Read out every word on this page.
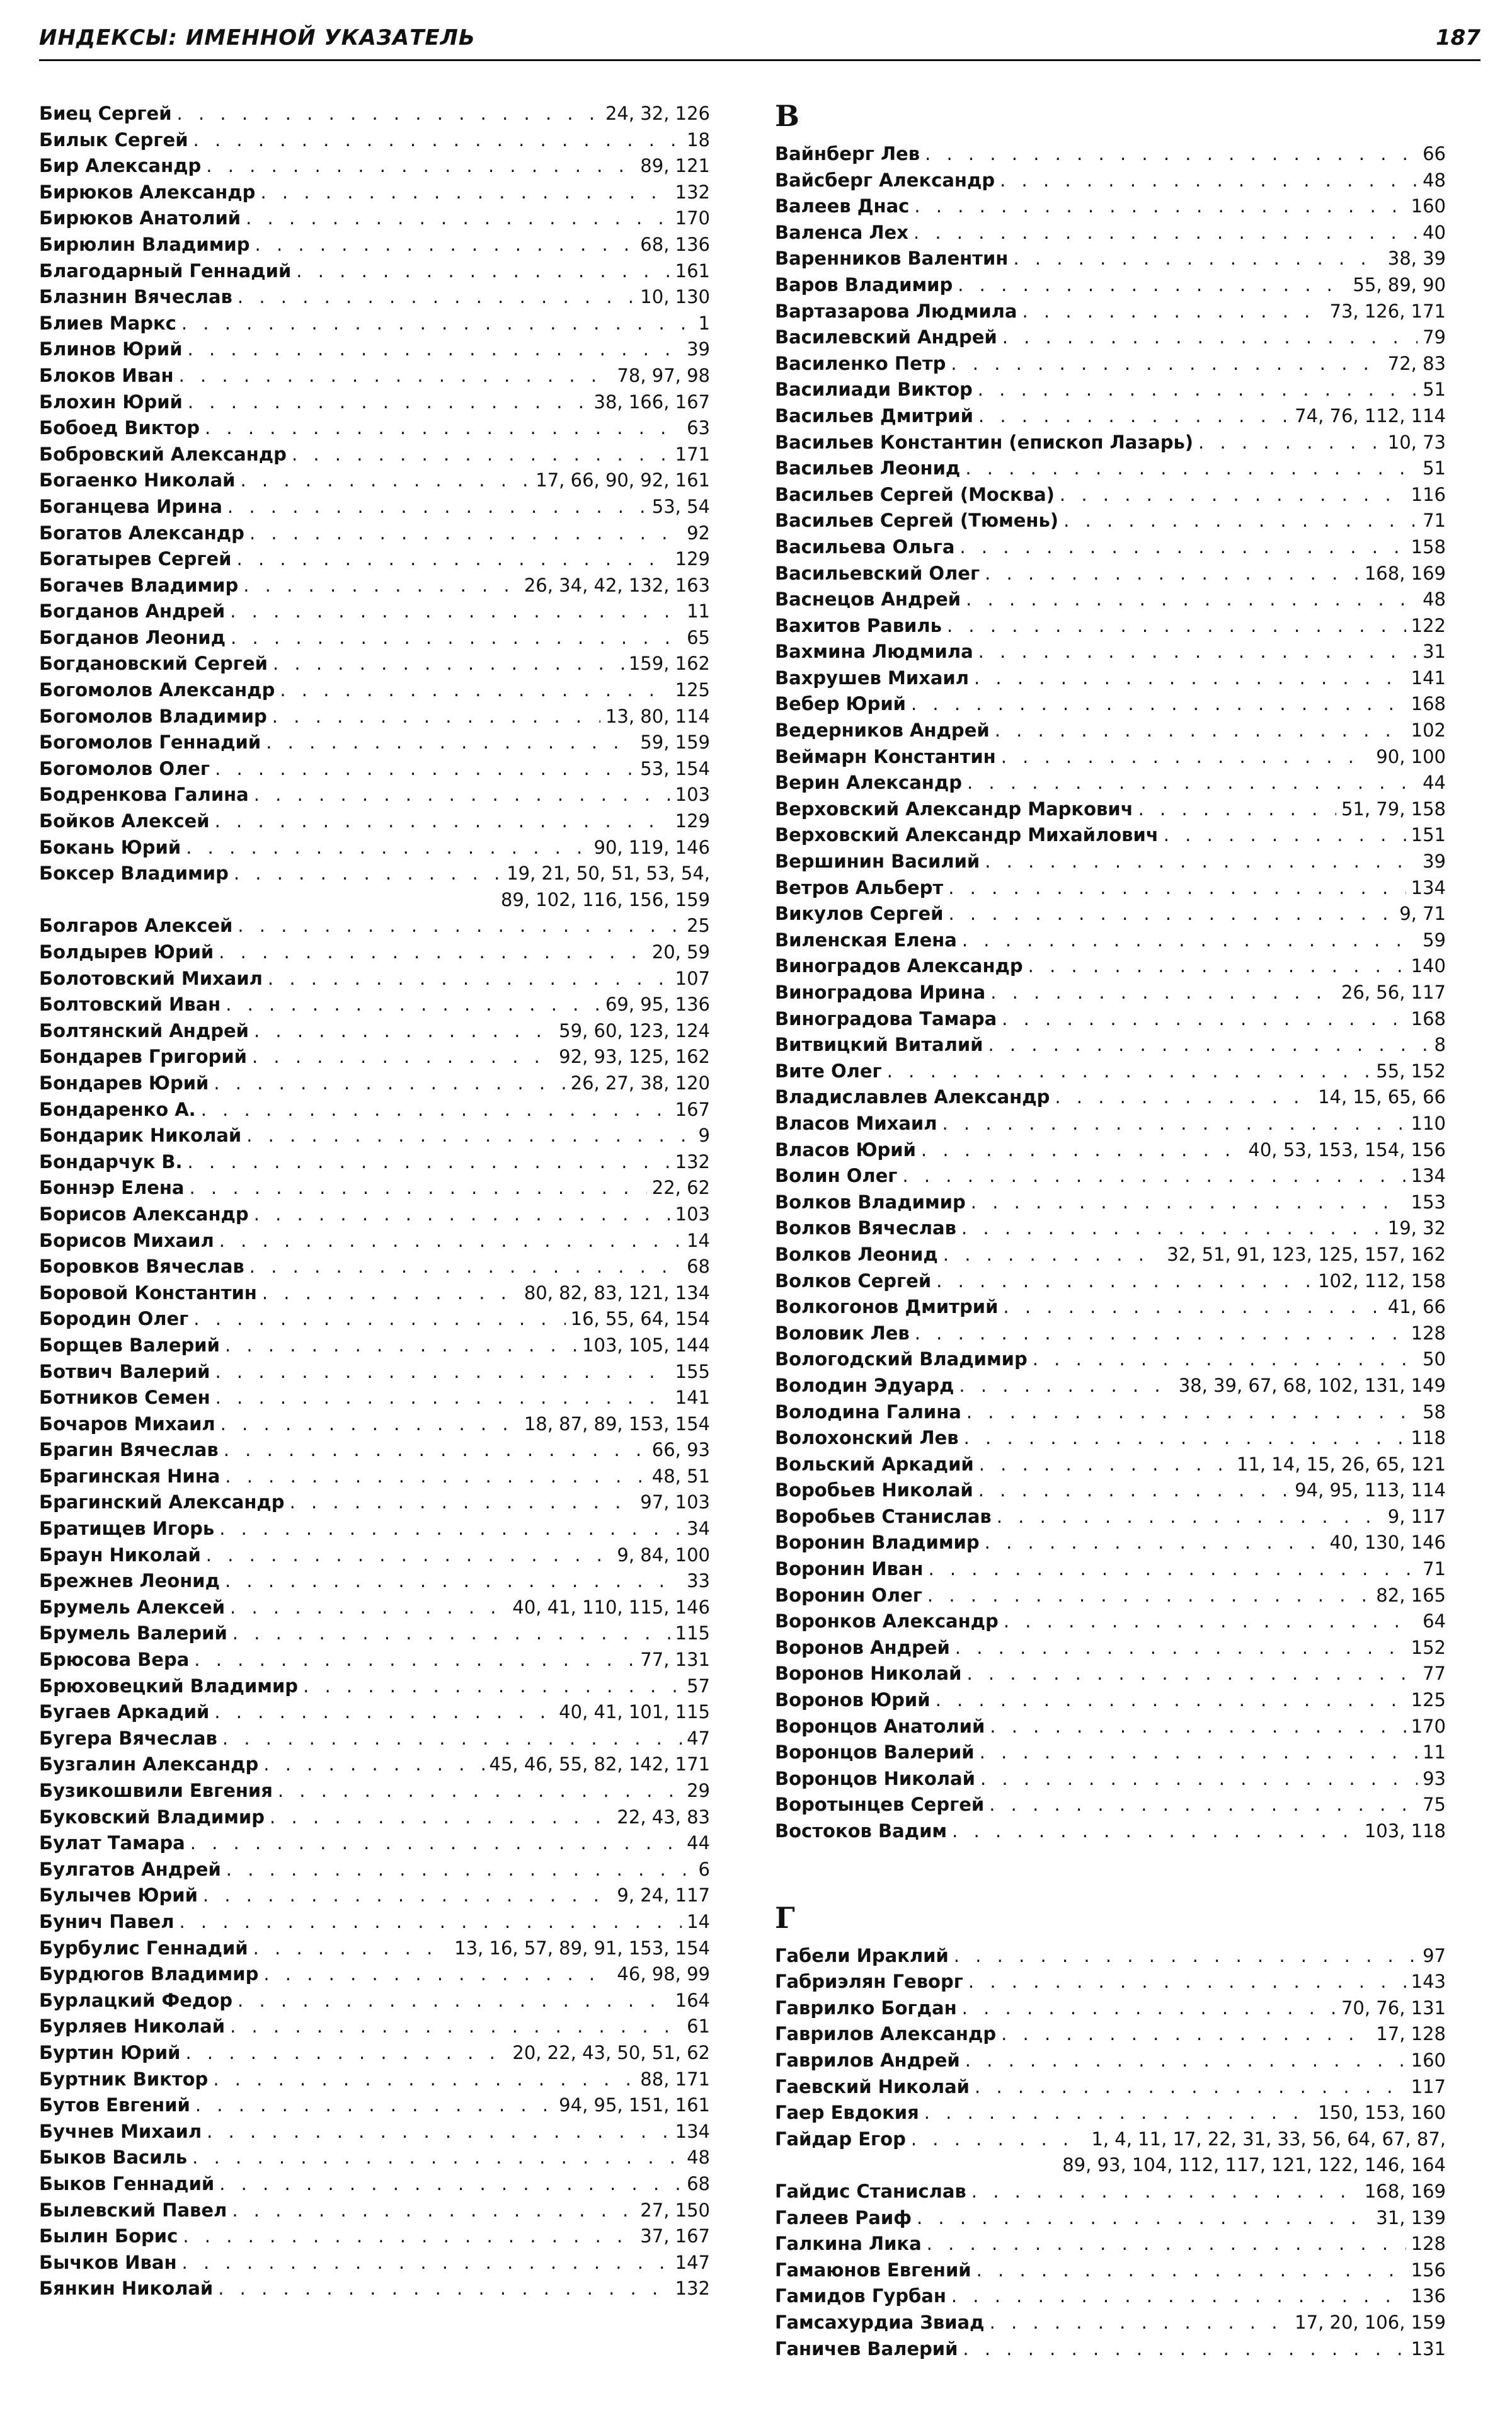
ИНДЕКСЫ: ИМЕННОЙ УКАЗАТЕЛЬ	187
Биец Сергей . . .	24, 32, 126
Билык Сергей . . .	18
Бир Александр . . .	89, 121
Бирюков Александр . . .	132
Бирюков Анатолий . . .	170
Бирюлин Владимир . . .	68, 136
Благодарный Геннадий . . .	161
Блазнин Вячеслав . . .	10, 130
Блиев Маркс . . .	1
Блинов Юрий . . .	39
Блоков Иван . . .	78, 97, 98
Блохин Юрий . . .	38, 166, 167
Бобоед Виктор . . .	63
Бобровский Александр . . .	171
Богаенко Николай . . .	17, 66, 90, 92, 161
Боганцева Ирина . . .	53, 54
Богатов Александр . . .	92
Богатырев Сергей . . .	129
Богачев Владимир . . .	26, 34, 42, 132, 163
Богданов Андрей . . .	11
Богданов Леонид . . .	65
Богдановский Сергей . . .	159, 162
Богомолов Александр . . .	125
Богомолов Владимир . . .	13, 80, 114
Богомолов Геннадий . . .	59, 159
Богомолов Олег . . .	53, 154
Бодренкова Галина . . .	103
Бойков Алексей . . .	129
Бокань Юрий . . .	90, 119, 146
Боксер Владимир . . .	19, 21, 50, 51, 53, 54,
89, 102, 116, 156, 159
Болгаров Алексей . . .	25
Болдырев Юрий . . .	20, 59
Болотовский Михаил . . .	107
Болтовский Иван . . .	69, 95, 136
Болтянский Андрей . . .	59, 60, 123, 124
Бондарев Григорий . . .	92, 93, 125, 162
Бондарев Юрий . . .	26, 27, 38, 120
Бондаренко А. . . .	167
Бондарик Николай . . .	9
Бондарчук В. . . .	132
Боннэр Елена . . .	22, 62
Борисов Александр . . .	103
Борисов Михаил . . .	14
Боровков Вячеслав . . .	68
Боровой Константин . . .	80, 82, 83, 121, 134
Бородин Олег . . .	16, 55, 64, 154
Борщев Валерий . . .	103, 105, 144
Ботвич Валерий . . .	155
Ботников Семен . . .	141
Бочаров Михаил . . .	18, 87, 89, 153, 154
Брагин Вячеслав . . .	66, 93
Брагинская Нина . . .	48, 51
Брагинский Александр . . .	97, 103
Братищев Игорь . . .	34
Браун Николай . . .	9, 84, 100
Брежнев Леонид . . .	33
Брумель Алексей . . .	40, 41, 110, 115, 146
Брумель Валерий . . .	115
Брюсова Вера . . .	77, 131
Брюховецкий Владимир . . .	57
Бугаев Аркадий . . .	40, 41, 101, 115
Бугера Вячеслав . . .	47
Бузгалин Александр . . .	45, 46, 55, 82, 142, 171
Бузикошвили Евгения . . .	29
Буковский Владимир . . .	22, 43, 83
Булат Тамара . . .	44
Булгатов Андрей . . .	6
Булычев Юрий . . .	9, 24, 117
Бунич Павел . . .	14
Бурбулис Геннадий . . .	13, 16, 57, 89, 91, 153, 154
Бурдюгов Владимир . . .	46, 98, 99
Бурлацкий Федор . . .	164
Бурляев Николай . . .	61
Буртин Юрий . . .	20, 22, 43, 50, 51, 62
Буртник Виктор . . .	88, 171
Бутов Евгений . . .	94, 95, 151, 161
Бучнев Михаил . . .	134
Быков Василь . . .	48
Быков Геннадий . . .	68
Былевский Павел . . .	27, 150
Былин Борис . . .	37, 167
Бычков Иван . . .	147
Бянкин Николай . . .	132
В
Вайнберг Лев . . .	66
Вайсберг Александр . . .	48
Валеев Днас . . .	160
Валенса Лех . . .	40
Варенников Валентин . . .	38, 39
Варов Владимир . . .	55, 89, 90
Вартазарова Людмила . . .	73, 126, 171
Василевский Андрей . . .	79
Василенко Петр . . .	72, 83
Василиади Виктор . . .	51
Васильев Дмитрий . . .	74, 76, 112, 114
Васильев Константин (епископ Лазарь) . . .	10, 73
Васильев Леонид . . .	51
Васильев Сергей (Москва) . . .	116
Васильев Сергей (Тюмень) . . .	71
Васильева Ольга . . .	158
Васильевский Олег . . .	168, 169
Васнецов Андрей . . .	48
Вахитов Равиль . . .	122
Вахмина Людмила . . .	31
Вахрушев Михаил . . .	141
Вебер Юрий . . .	168
Ведерников Андрей . . .	102
Веймарн Константин . . .	90, 100
Верин Александр . . .	44
Верховский Александр Маркович . . .	51, 79, 158
Верховский Александр Михайлович . . .	151
Вершинин Василий . . .	39
Ветров Альберт . . .	134
Викулов Сергей . . .	9, 71
Виленская Елена . . .	59
Виноградов Александр . . .	140
Виноградова Ирина . . .	26, 56, 117
Виноградова Тамара . . .	168
Витвицкий Виталий . . .	8
Вите Олег . . .	55, 152
Владиславлев Александр . . .	14, 15, 65, 66
Власов Михаил . . .	110
Власов Юрий . . .	40, 53, 153, 154, 156
Волин Олег . . .	134
Волков Владимир . . .	153
Волков Вячеслав . . .	19, 32
Волков Леонид . . .	32, 51, 91, 123, 125, 157, 162
Волков Сергей . . .	102, 112, 158
Волкогонов Дмитрий . . .	41, 66
Воловик Лев . . .	128
Вологодский Владимир . . .	50
Володин Эдуард . . .	38, 39, 67, 68, 102, 131, 149
Володина Галина . . .	58
Волохонский Лев . . .	118
Вольский Аркадий . . .	11, 14, 15, 26, 65, 121
Воробьев Николай . . .	94, 95, 113, 114
Воробьев Станислав . . .	9, 117
Воронин Владимир . . .	40, 130, 146
Воронин Иван . . .	71
Воронин Олег . . .	82, 165
Воронков Александр . . .	64
Воронов Андрей . . .	152
Воронов Николай . . .	77
Воронов Юрий . . .	125
Воронцов Анатолий . . .	170
Воронцов Валерий . . .	11
Воронцов Николай . . .	93
Воротынцев Сергей . . .	75
Востоков Вадим . . .	103, 118
Г
Габели Ираклий . . .	97
Габриэлян Геворг . . .	143
Гаврилко Богдан . . .	70, 76, 131
Гаврилов Александр . . .	17, 128
Гаврилов Андрей . . .	160
Гаевский Николай . . .	117
Гаер Евдокия . . .	150, 153, 160
Гайдар Егор . . .	1, 4, 11, 17, 22, 31, 33, 56, 64, 67, 87,
89, 93, 104, 112, 117, 121, 122, 146, 164
Гайдис Станислав . . .	168, 169
Галеев Раиф . . .	31, 139
Галкина Лика . . .	128
Гамаюнов Евгений . . .	156
Гамидов Гурбан . . .	136
Гамсахурдиа Звиад . . .	17, 20, 106, 159
Ганичев Валерий . . .	131
